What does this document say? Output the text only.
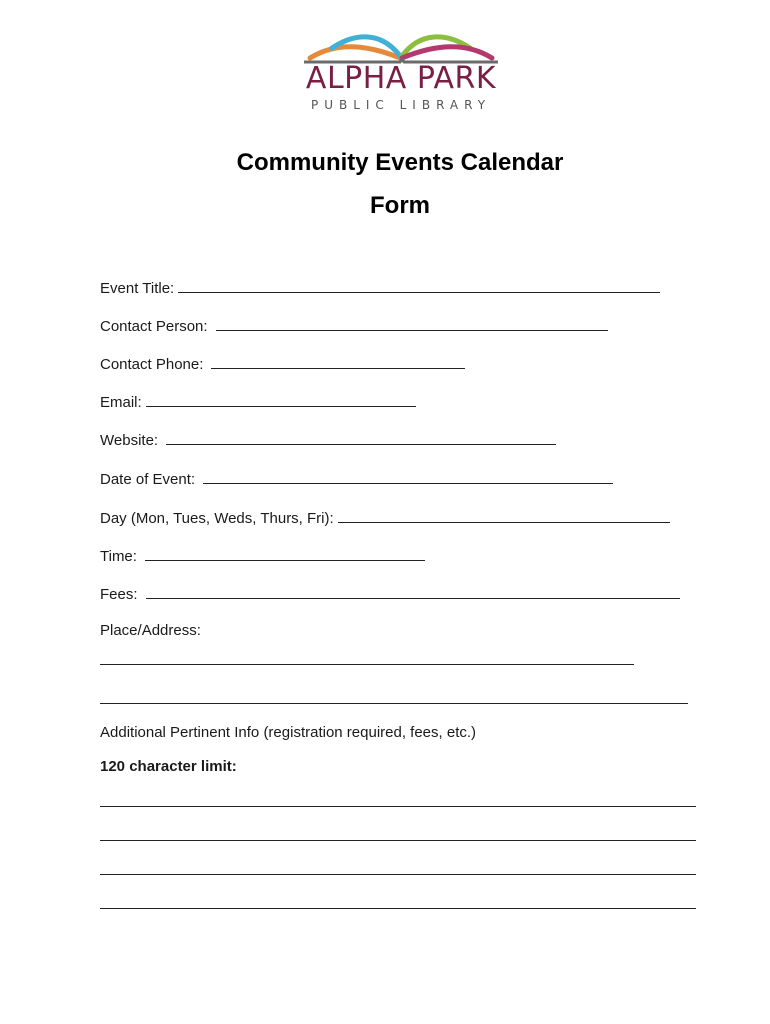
ALPHA PARK
PUBLIC LIBRARY
Community Events Calendar
Form
Event Title:
Contact Person:
Contact Phone:
Email:
Website:
Date of Event:
Day (Mon, Tues, Weds, Thurs, Fri):
Time:
Fees:
Place/Address:
Additional Pertinent Info (registration required, fees, etc.)
120 character limit:
